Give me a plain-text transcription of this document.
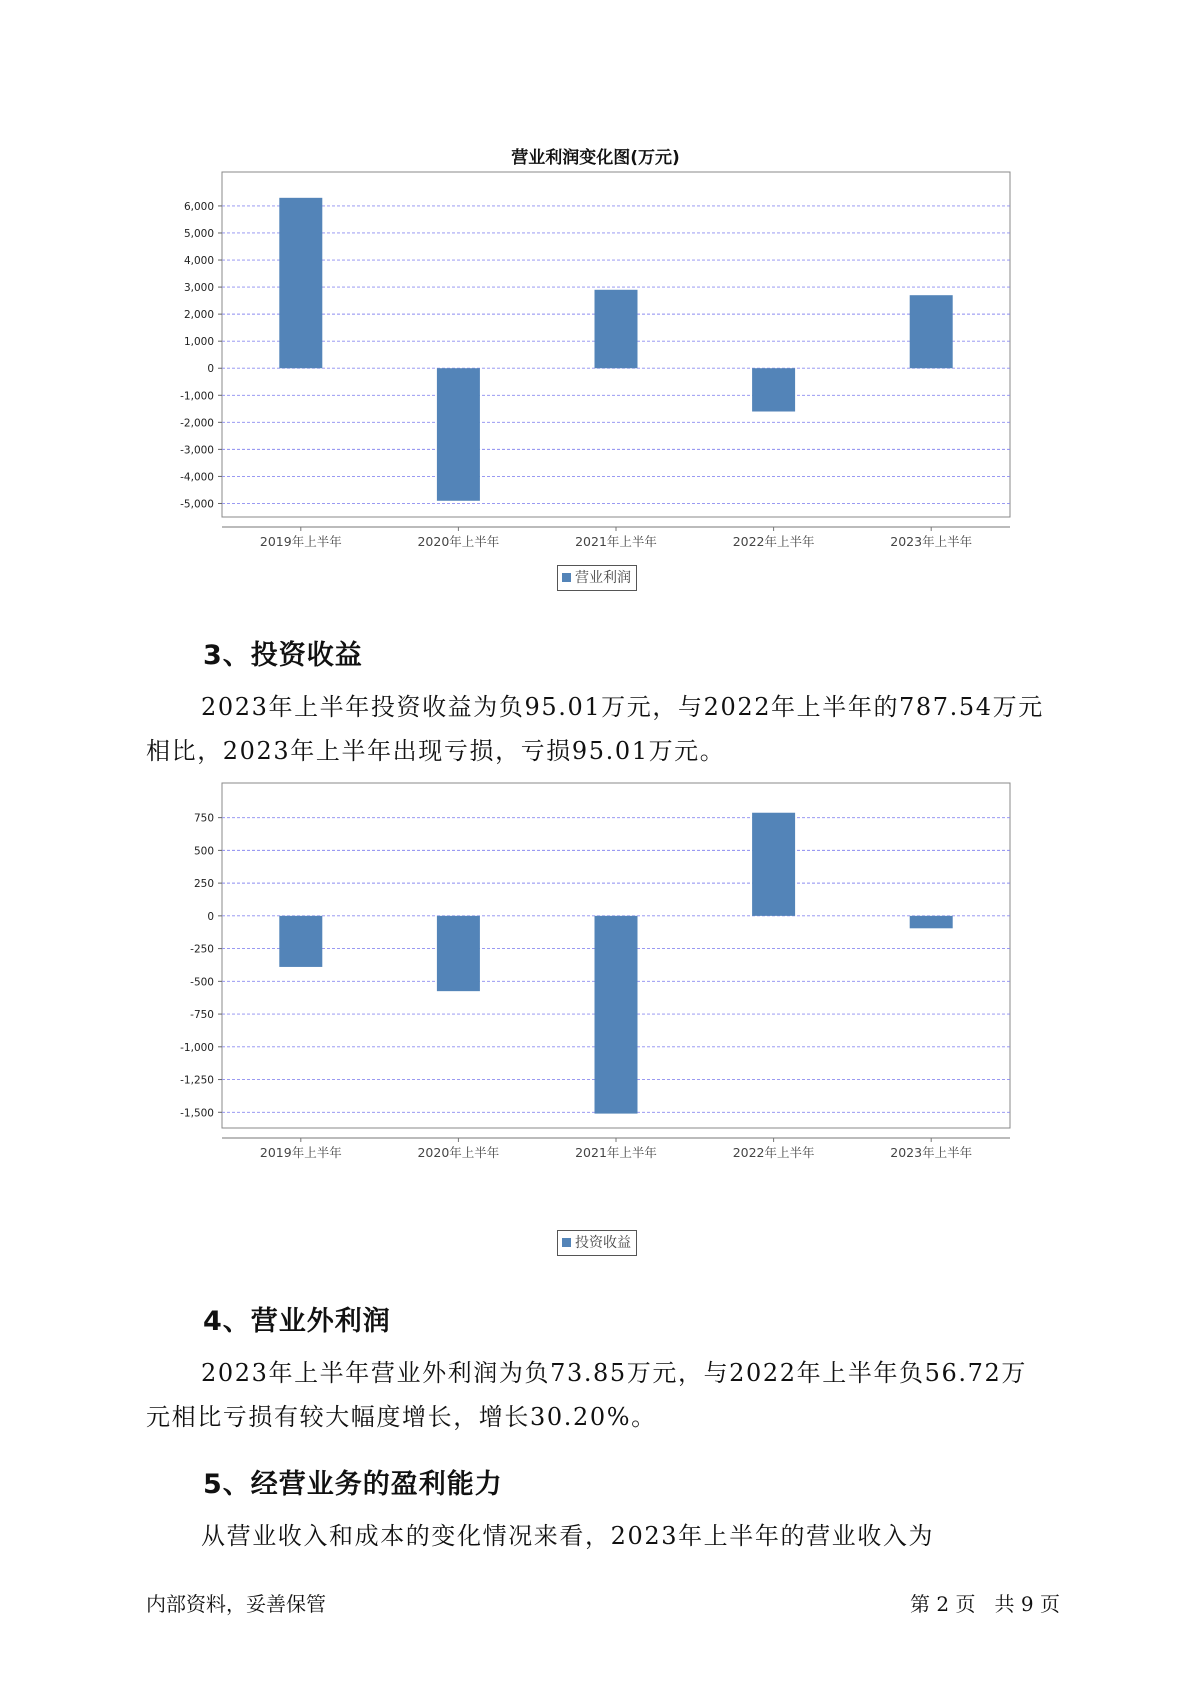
营业利润变化图(万元)
6,000
5,000
4,000
3,000
2,000
1,000
0
-1,000
-2,000
-3,000
-4,000
-5,000
2019年上半年	2020年上半年	2021年上半年	2022年上半年	2023年上半年
营业利润
3、投资收益

2023年上半年投资收益为负95.01万元，与2022年上半年的787.54万元
相比，2023年上半年出现亏损，亏损95.01万元。

750
500
250
0
-250
-500
-750
-1,000
-1,250
-1,500
2019年上半年	2020年上半年	2021年上半年	2022年上半年	2023年上半年
投资收益
4、营业外利润

2023年上半年营业外利润为负73.85万元，与2022年上半年负56.72万
元相比亏损有较大幅度增长，增长30.20%。

5、经营业务的盈利能力

从营业收入和成本的变化情况来看，2023年上半年的营业收入为

内部资料，妥善保管	第 2 页   共 9 页
